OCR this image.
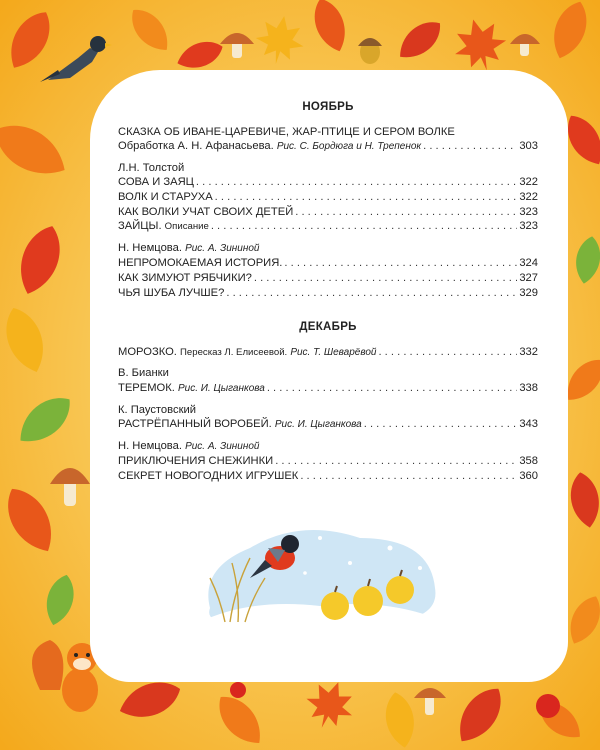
НОЯБРЬ
СКАЗКА ОБ ИВАНЕ-ЦАРЕВИЧЕ, ЖАР-ПТИЦЕ И СЕРОМ ВОЛКЕ
Обработка А. Н. Афанасьева. Рис. С. Бордюга и Н. Трепенок . . .	303
Л.Н. Толстой
СОВА И ЗАЯЦ . . .	322
ВОЛК И СТАРУХА . . .	322
КАК ВОЛКИ УЧАТ СВОИХ ДЕТЕЙ . . .	323
ЗАЙЦЫ. Описание . . .	323
Н. Немцова. Рис. А. Зининой
НЕПРОМОКАЕМАЯ ИСТОРИЯ. . . .	324
КАК ЗИМУЮТ РЯБЧИКИ? . . .	327
ЧЬЯ ШУБА ЛУЧШЕ? . . .	329
ДЕКАБРЬ
МОРОЗКО. Пересказ Л. Елисеевой. Рис. Т. Шеварёвой . . .	332
В. Бианки
ТЕРЕМОК. Рис. И. Цыганкова . . .	338
К. Паустовский
РАСТРЁПАННЫЙ ВОРОБЕЙ. Рис. И. Цыганкова . . .	343
Н. Немцова. Рис. А. Зининой
ПРИКЛЮЧЕНИЯ СНЕЖИНКИ . . .	358
СЕКРЕТ НОВОГОДНИХ ИГРУШЕК . . .	360
